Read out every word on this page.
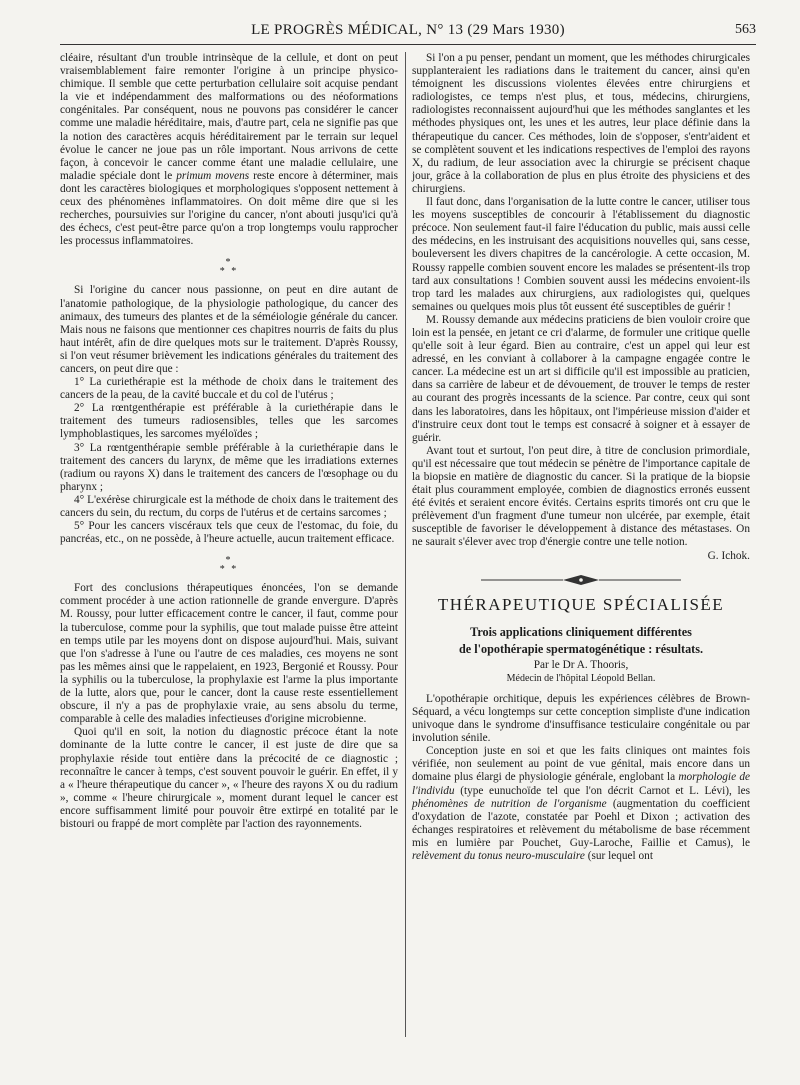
LE PROGRÈS MÉDICAL, N° 13 (29 Mars 1930)	563

cléaire, résultant d'un trouble intrinsèque de la cellule, et dont on peut vraisemblablement faire remonter l'origine à un principe physico-chimique. Il semble que cette perturbation cellulaire soit acquise pendant la vie et indépendamment des malformations ou des néoformations congénitales. Par conséquent, nous ne pouvons pas considérer le cancer comme une maladie héréditaire, mais, d'autre part, cela ne signifie pas que la notion des caractères acquis héréditairement par le terrain sur lequel évolue le cancer ne joue pas un rôle important. Nous arrivons de cette façon, à concevoir le cancer comme étant une maladie cellulaire, une maladie spéciale dont le primum movens reste encore à déterminer, mais dont les caractères biologiques et morphologiques s'opposent nettement à ceux des phénomènes inflammatoires. On doit même dire que si les recherches, poursuivies sur l'origine du cancer, n'ont abouti jusqu'ici qu'à des échecs, c'est peut-être parce qu'on a trop longtemps voulu rapprocher les processus inflammatoires.

*
* *

Si l'origine du cancer nous passionne, on peut en dire autant de l'anatomie pathologique, de la physiologie pathologique, du cancer des animaux, des tumeurs des plantes et de la séméiologie générale du cancer. Mais nous ne faisons que mentionner ces chapitres nourris de faits du plus haut intérêt, afin de dire quelques mots sur le traitement. D'après Roussy, si l'on veut résumer brièvement les indications générales du traitement des cancers, on peut dire que :

1° La curiethérapie est la méthode de choix dans le traitement des cancers de la peau, de la cavité buccale et du col de l'utérus ;

2° La rœntgenthérapie est préférable à la curiethérapie dans le traitement des tumeurs radiosensibles, telles que les sarcomes lymphoblastiques, les sarcomes myéloïdes ;

3° La rœntgenthérapie semble préférable à la curiethérapie dans le traitement des cancers du larynx, de même que les irradiations externes (radium ou rayons X) dans le traitement des cancers de l'œsophage ou du pharynx ;

4° L'exérèse chirurgicale est la méthode de choix dans le traitement des cancers du sein, du rectum, du corps de l'utérus et de certains sarcomes ;

5° Pour les cancers viscéraux tels que ceux de l'estomac, du foie, du pancréas, etc., on ne possède, à l'heure actuelle, aucun traitement efficace.

*
* *

Fort des conclusions thérapeutiques énoncées, l'on se demande comment procéder à une action rationnelle de grande envergure. D'après M. Roussy, pour lutter efficacement contre le cancer, il faut, comme pour la tuberculose, comme pour la syphilis, que tout malade puisse être atteint en temps utile par les moyens dont on dispose aujourd'hui. Mais, suivant que l'on s'adresse à l'une ou l'autre de ces maladies, ces moyens ne sont pas les mêmes ainsi que le rappelaient, en 1923, Bergonié et Roussy. Pour la syphilis ou la tuberculose, la prophylaxie est l'arme la plus importante de la lutte, alors que, pour le cancer, dont la cause reste essentiellement obscure, il n'y a pas de prophylaxie vraie, au sens absolu du terme, comparable à celle des maladies infectieuses d'origine microbienne.

Quoi qu'il en soit, la notion du diagnostic précoce étant la note dominante de la lutte contre le cancer, il est juste de dire que sa prophylaxie réside tout entière dans la précocité de ce diagnostic ; reconnaître le cancer à temps, c'est souvent pouvoir le guérir. En effet, il y a « l'heure thérapeutique du cancer », « l'heure des rayons X ou du radium », comme « l'heure chirurgicale », moment durant lequel le cancer est encore suffisamment limité pour pouvoir être extirpé en totalité par le bistouri ou frappé de mort complète par l'action des rayonnements.

Si l'on a pu penser, pendant un moment, que les méthodes chirurgicales supplanteraient les radiations dans le traitement du cancer, ainsi qu'en témoignent les discussions violentes élevées entre chirurgiens et radiologistes, ce temps n'est plus, et tous, médecins, chirurgiens, radiologistes reconnaissent aujourd'hui que les méthodes sanglantes et les méthodes physiques ont, les unes et les autres, leur place définie dans la thérapeutique du cancer. Ces méthodes, loin de s'opposer, s'entr'aident et se complètent souvent et les indications respectives de l'emploi des rayons X, du radium, de leur association avec la chirurgie se précisent chaque jour, grâce à la collaboration de plus en plus étroite des physiciens et des chirurgiens.

Il faut donc, dans l'organisation de la lutte contre le cancer, utiliser tous les moyens susceptibles de concourir à l'établissement du diagnostic précoce. Non seulement faut-il faire l'éducation du public, mais aussi celle des médecins, en les instruisant des acquisitions nouvelles qui, sans cesse, bouleversent les divers chapitres de la cancérologie. A cette occasion, M. Roussy rappelle combien souvent encore les malades se présentent-ils trop tard aux consultations ! Combien souvent aussi les médecins envoient-ils trop tard les malades aux chirurgiens, aux radiologistes qui, quelques semaines ou quelques mois plus tôt eussent été susceptibles de guérir !

M. Roussy demande aux médecins praticiens de bien vouloir croire que loin est la pensée, en jetant ce cri d'alarme, de formuler une critique quelle qu'elle soit à leur égard. Bien au contraire, c'est un appel qui leur est adressé, en les conviant à collaborer à la campagne engagée contre le cancer. La médecine est un art si difficile qu'il est impossible au praticien, dans sa carrière de labeur et de dévouement, de trouver le temps de rester au courant des progrès incessants de la science. Par contre, ceux qui sont dans les laboratoires, dans les hôpitaux, ont l'impérieuse mission d'aider et d'instruire ceux dont tout le temps est consacré à soigner et à essayer de guérir.

Avant tout et surtout, l'on peut dire, à titre de conclusion primordiale, qu'il est nécessaire que tout médecin se pénètre de l'importance capitale de la biopsie en matière de diagnostic du cancer. Si la pratique de la biopsie était plus couramment employée, combien de diagnostics erronés eussent été évités et seraient encore évités. Certains esprits timorés ont cru que le prélèvement d'un fragment d'une tumeur non ulcérée, par exemple, était susceptible de favoriser le développement à distance des métastases. On ne saurait s'élever avec trop d'énergie contre une telle notion.

G. Ichok.

THÉRAPEUTIQUE SPÉCIALISÉE
Trois applications cliniquement différentes
de l'opothérapie spermatogénétique : résultats.
Par le Dr A. Thooris,
Médecin de l'hôpital Léopold Bellan.

L'opothérapie orchitique, depuis les expériences célèbres de Brown-Séquard, a vécu longtemps sur cette conception simpliste d'une indication univoque dans le syndrome d'insuffisance testiculaire congénitale ou par involution sénile.

Conception juste en soi et que les faits cliniques ont maintes fois vérifiée, non seulement au point de vue génital, mais encore dans un domaine plus élargi de physiologie générale, englobant la morphologie de l'individu (type eunuchoïde tel que l'on décrit Carnot et L. Lévi), les phénomènes de nutrition de l'organisme (augmentation du coefficient d'oxydation de l'azote, constatée par Poehl et Dixon ; activation des échanges respiratoires et relèvement du métabolisme de base récemment mis en lumière par Pouchet, Guy-Laroche, Faillie et Camus), le relèvement du tonus neuro-musculaire (sur lequel ont
